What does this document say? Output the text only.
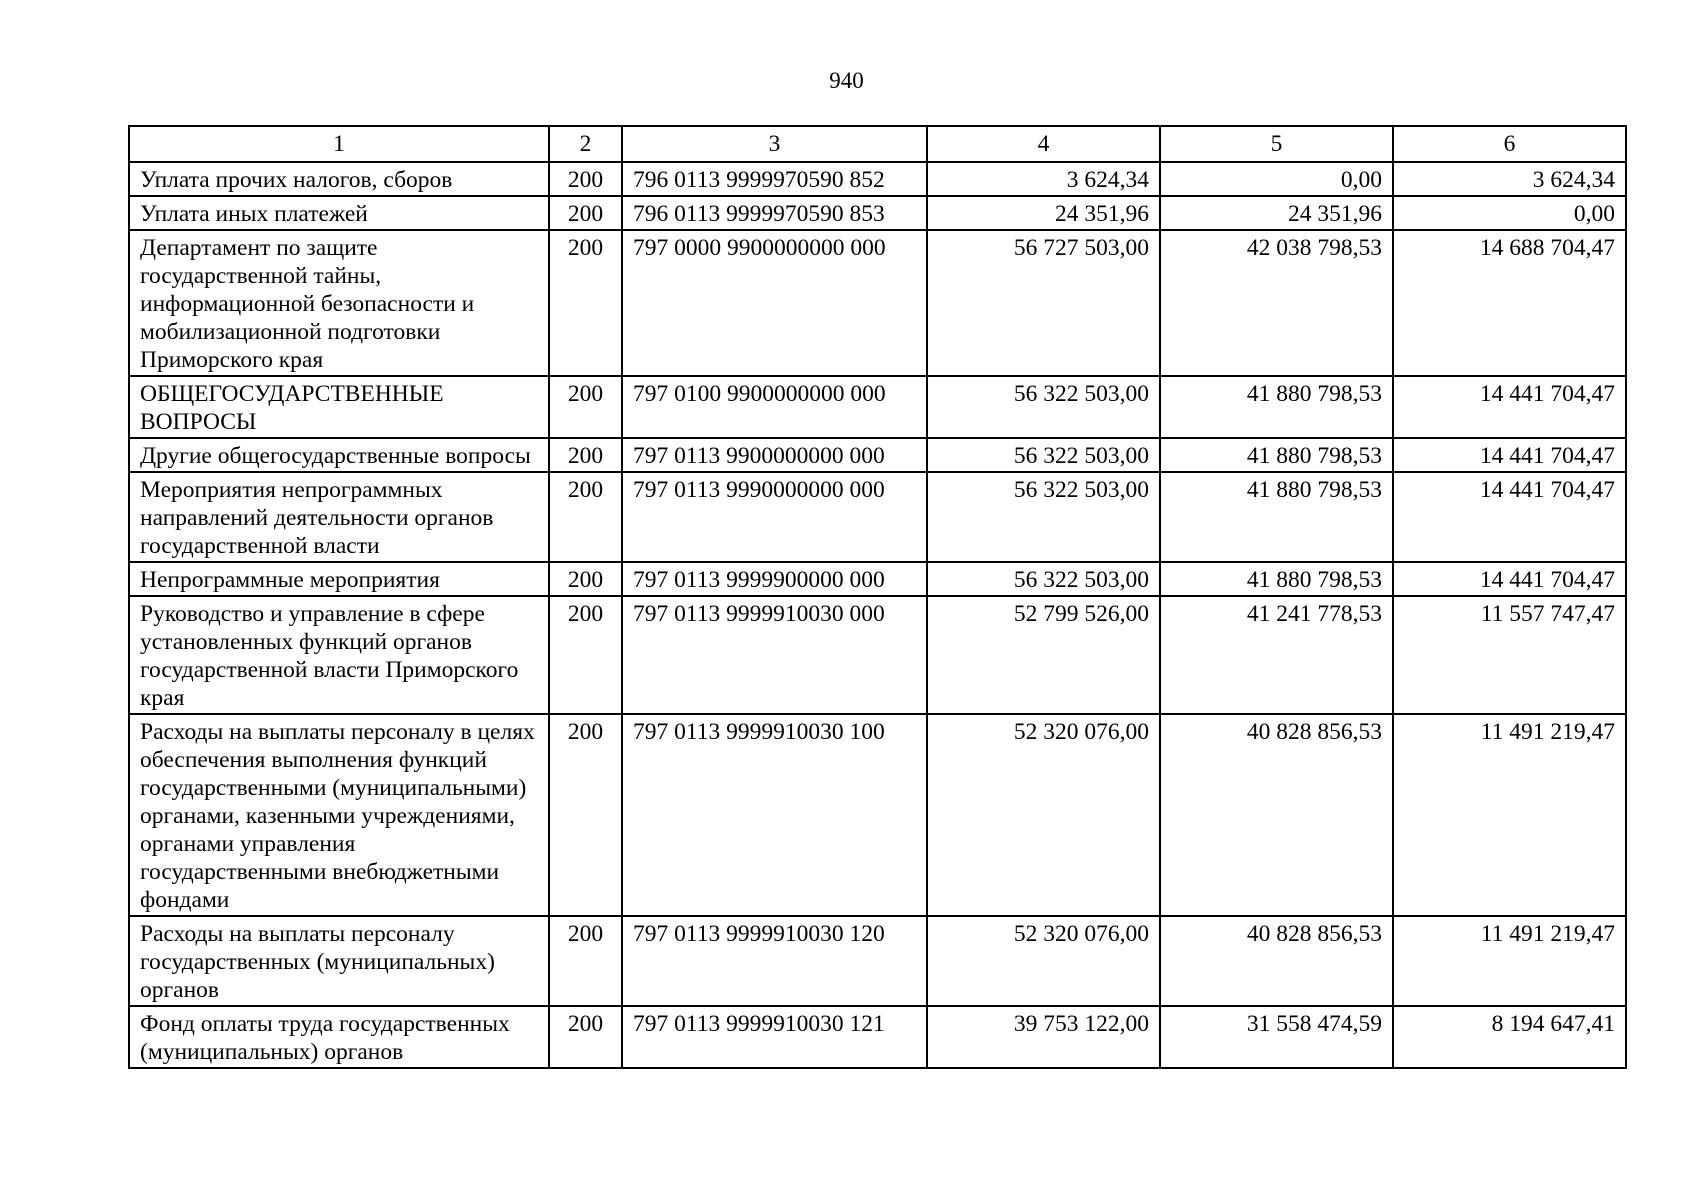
940
1	2	3	4	5	6
Уплата прочих налогов, сборов	200	796 0113 9999970590 852	3 624,34	0,00	3 624,34
Уплата иных платежей	200	796 0113 9999970590 853	24 351,96	24 351,96	0,00
Департамент по защите государственной тайны, информационной безопасности и мобилизационной подготовки Приморского края	200	797 0000 9900000000 000	56 727 503,00	42 038 798,53	14 688 704,47
ОБЩЕГОСУДАРСТВЕННЫЕ ВОПРОСЫ	200	797 0100 9900000000 000	56 322 503,00	41 880 798,53	14 441 704,47
Другие общегосударственные вопросы	200	797 0113 9900000000 000	56 322 503,00	41 880 798,53	14 441 704,47
Мероприятия непрограммных направлений деятельности органов государственной власти	200	797 0113 9990000000 000	56 322 503,00	41 880 798,53	14 441 704,47
Непрограммные мероприятия	200	797 0113 9999900000 000	56 322 503,00	41 880 798,53	14 441 704,47
Руководство и управление в сфере установленных функций органов государственной власти Приморского края	200	797 0113 9999910030 000	52 799 526,00	41 241 778,53	11 557 747,47
Расходы на выплаты персоналу в целях обеспечения выполнения функций государственными (муниципальными) органами, казенными учреждениями, органами управления государственными внебюджетными фондами	200	797 0113 9999910030 100	52 320 076,00	40 828 856,53	11 491 219,47
Расходы на выплаты персоналу государственных (муниципальных) органов	200	797 0113 9999910030 120	52 320 076,00	40 828 856,53	11 491 219,47
Фонд оплаты труда государственных (муниципальных) органов	200	797 0113 9999910030 121	39 753 122,00	31 558 474,59	8 194 647,41
